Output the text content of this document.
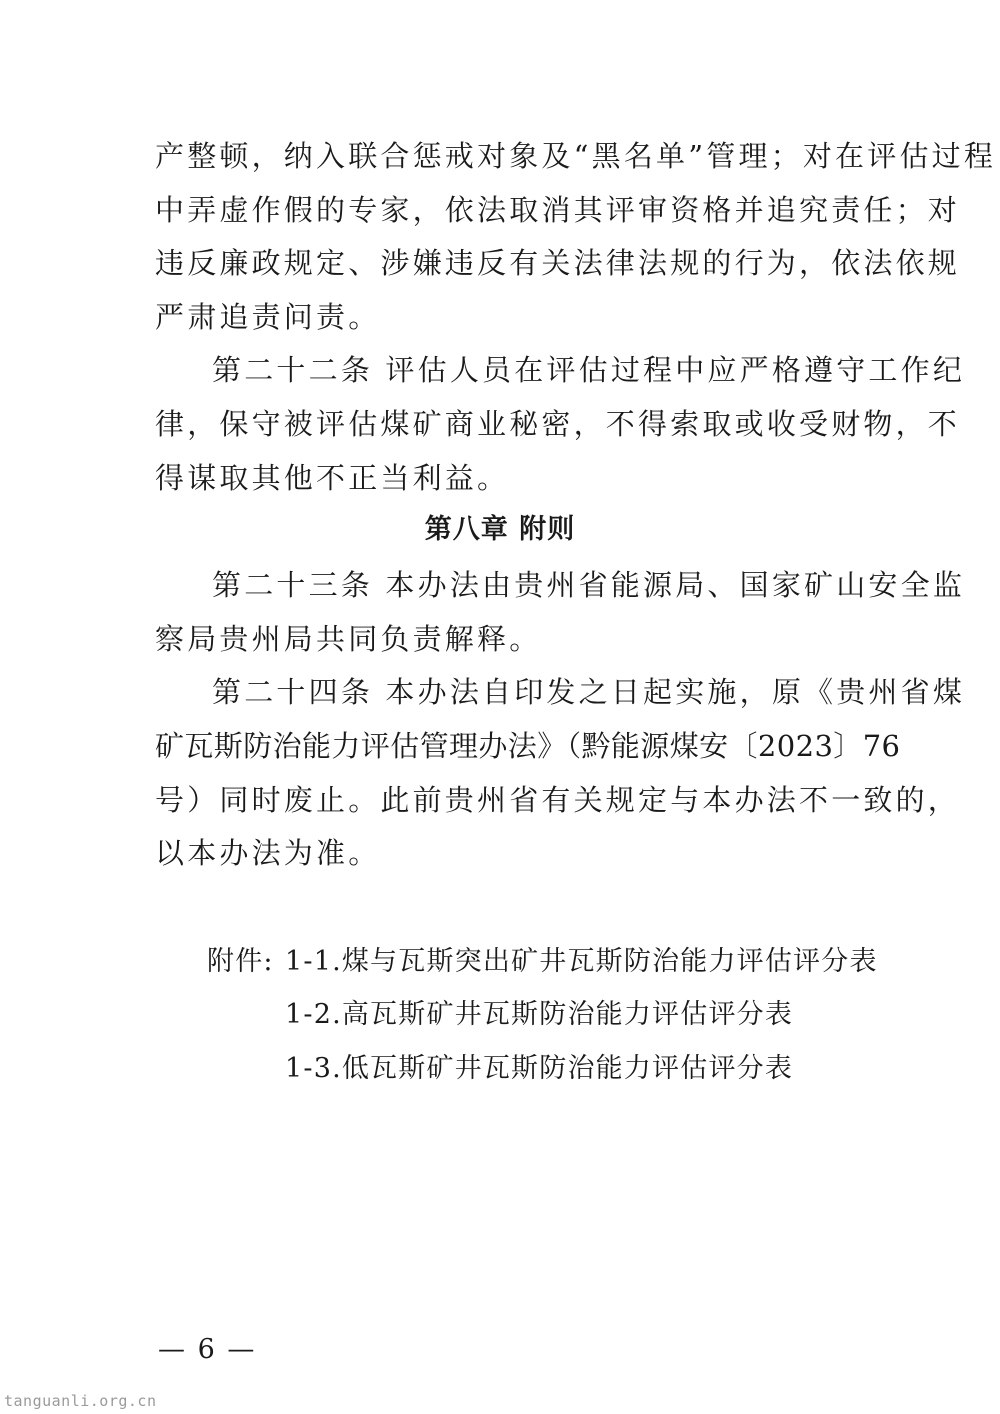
产整顿，纳入联合惩戒对象及“黑名单”管理；对在评估过程
中弄虚作假的专家，依法取消其评审资格并追究责任；对
违反廉政规定、涉嫌违反有关法律法规的行为，依法依规
严肃追责问责。
第二十二条 评估人员在评估过程中应严格遵守工作纪
律，保守被评估煤矿商业秘密，不得索取或收受财物，不
得谋取其他不正当利益。
第八章 附则
第二十三条 本办法由贵州省能源局、国家矿山安全监
察局贵州局共同负责解释。
第二十四条 本办法自印发之日起实施，原《贵州省煤
矿瓦斯防治能力评估管理办法》（黔能源煤安〔2023〕76
号）同时废止。此前贵州省有关规定与本办法不一致的，
以本办法为准。
附件: 1-1.煤与瓦斯突出矿井瓦斯防治能力评估评分表
1-2.高瓦斯矿井瓦斯防治能力评估评分表
1-3.低瓦斯矿井瓦斯防治能力评估评分表
— 6 —
tanguanli.org.cn
